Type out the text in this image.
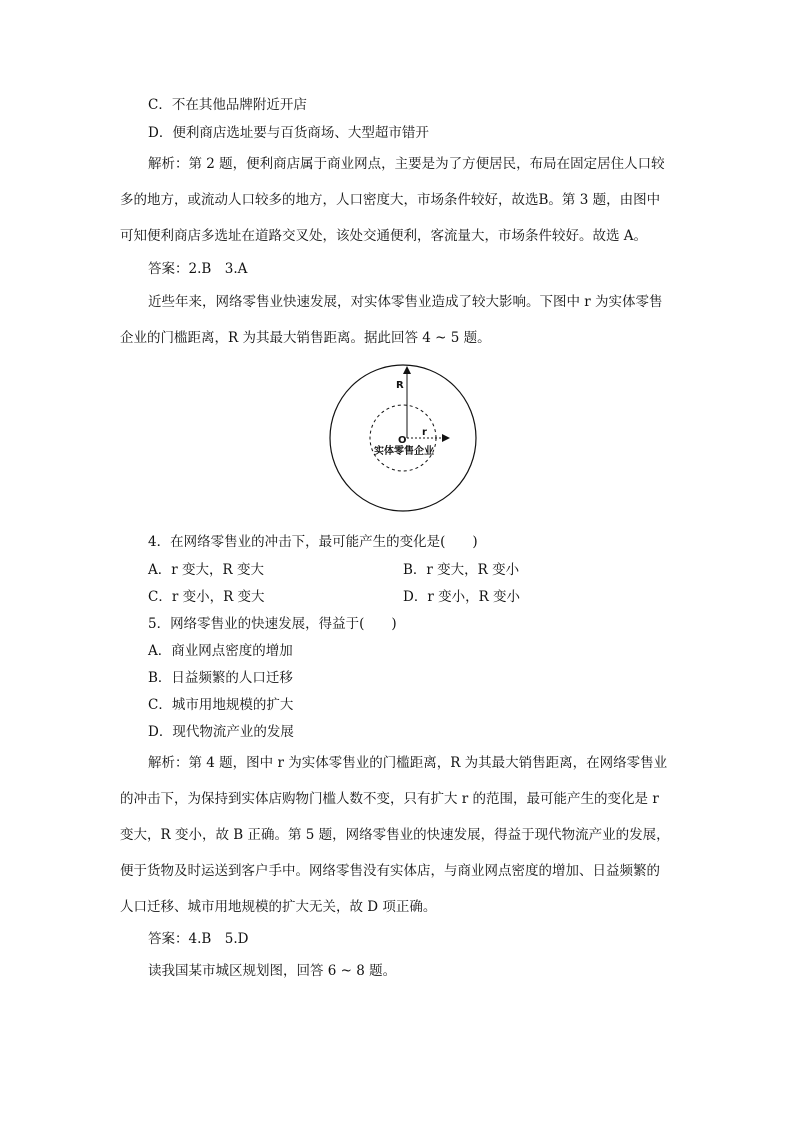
C．不在其他品牌附近开店
D．便利商店选址要与百货商场、大型超市错开
解析：第 2 题，便利商店属于商业网点，主要是为了方便居民，布局在固定居住人口较
多的地方，或流动人口较多的地方，人口密度大，市场条件较好，故选B。第 3 题，由图中
可知便利商店多选址在道路交叉处，该处交通便利，客流量大，市场条件较好。故选 A。
答案：2.B　3.A
近些年来，网络零售业快速发展，对实体零售业造成了较大影响。下图中 r 为实体零售
企业的门槛距离，R 为其最大销售距离。据此回答 4 ~ 5 题。
R
r
O
实体零售企业
4．在网络零售业的冲击下，最可能产生的变化是(　　)
A．r 变大，R 变大	B．r 变大，R 变小
C．r 变小，R 变大	D．r 变小，R 变小
5．网络零售业的快速发展，得益于(　　)
A．商业网点密度的增加
B．日益频繁的人口迁移
C．城市用地规模的扩大
D．现代物流产业的发展
解析：第 4 题，图中 r 为实体零售业的门槛距离，R 为其最大销售距离，在网络零售业
的冲击下，为保持到实体店购物门槛人数不变，只有扩大 r 的范围，最可能产生的变化是 r
变大，R 变小，故 B 正确。第 5 题，网络零售业的快速发展，得益于现代物流产业的发展，
便于货物及时运送到客户手中。网络零售没有实体店，与商业网点密度的增加、日益频繁的
人口迁移、城市用地规模的扩大无关，故 D 项正确。
答案：4.B　5.D
读我国某市城区规划图，回答 6 ~ 8 题。
